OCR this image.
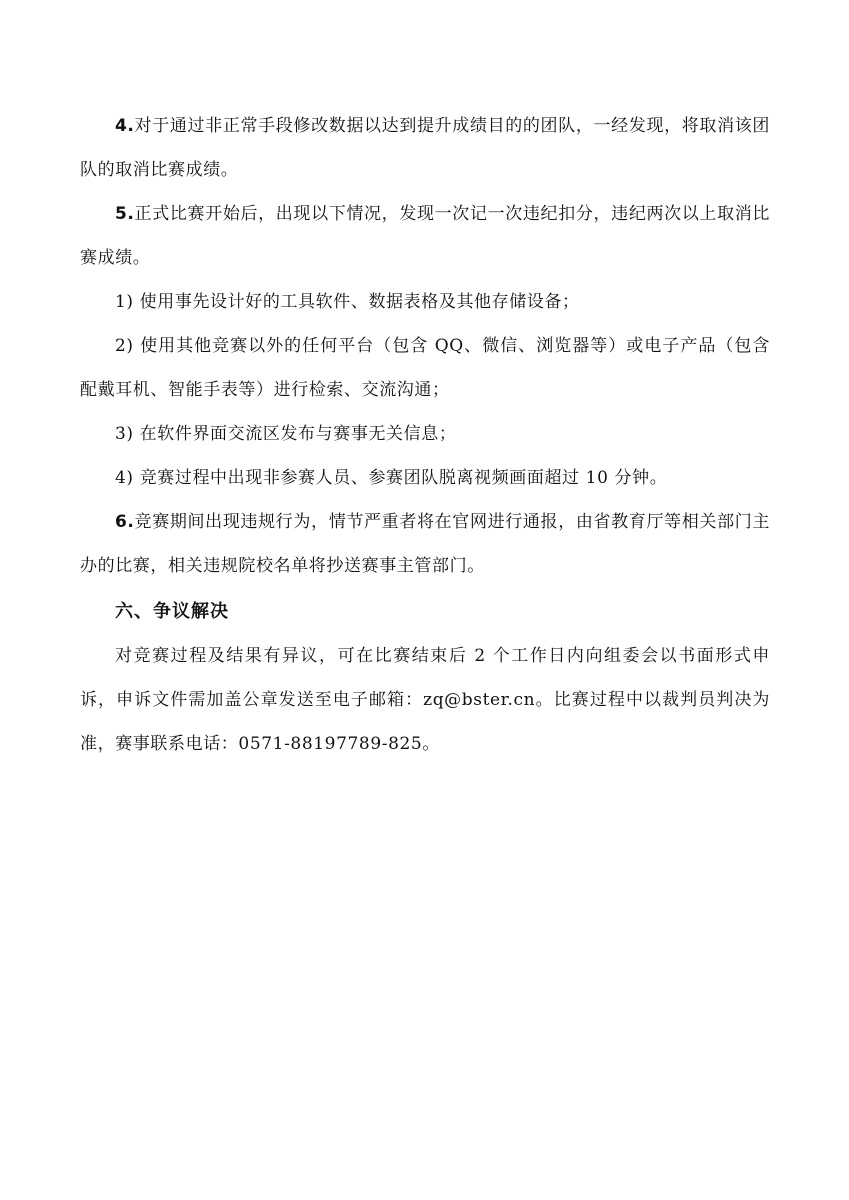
4.对于通过非正常手段修改数据以达到提升成绩目的的团队，一经发现，将取消该团队的取消比赛成绩。

5.正式比赛开始后，出现以下情况，发现一次记一次违纪扣分，违纪两次以上取消比赛成绩。

1) 使用事先设计好的工具软件、数据表格及其他存储设备；

2) 使用其他竞赛以外的任何平台（包含 QQ、微信、浏览器等）或电子产品（包含配戴耳机、智能手表等）进行检索、交流沟通；

3) 在软件界面交流区发布与赛事无关信息；

4) 竞赛过程中出现非参赛人员、参赛团队脱离视频画面超过 10 分钟。

6.竞赛期间出现违规行为，情节严重者将在官网进行通报，由省教育厅等相关部门主办的比赛，相关违规院校名单将抄送赛事主管部门。

六、争议解决

对竞赛过程及结果有异议，可在比赛结束后 2 个工作日内向组委会以书面形式申诉，申诉文件需加盖公章发送至电子邮箱：zq@bster.cn。比赛过程中以裁判员判决为准，赛事联系电话：0571-88197789-825。
